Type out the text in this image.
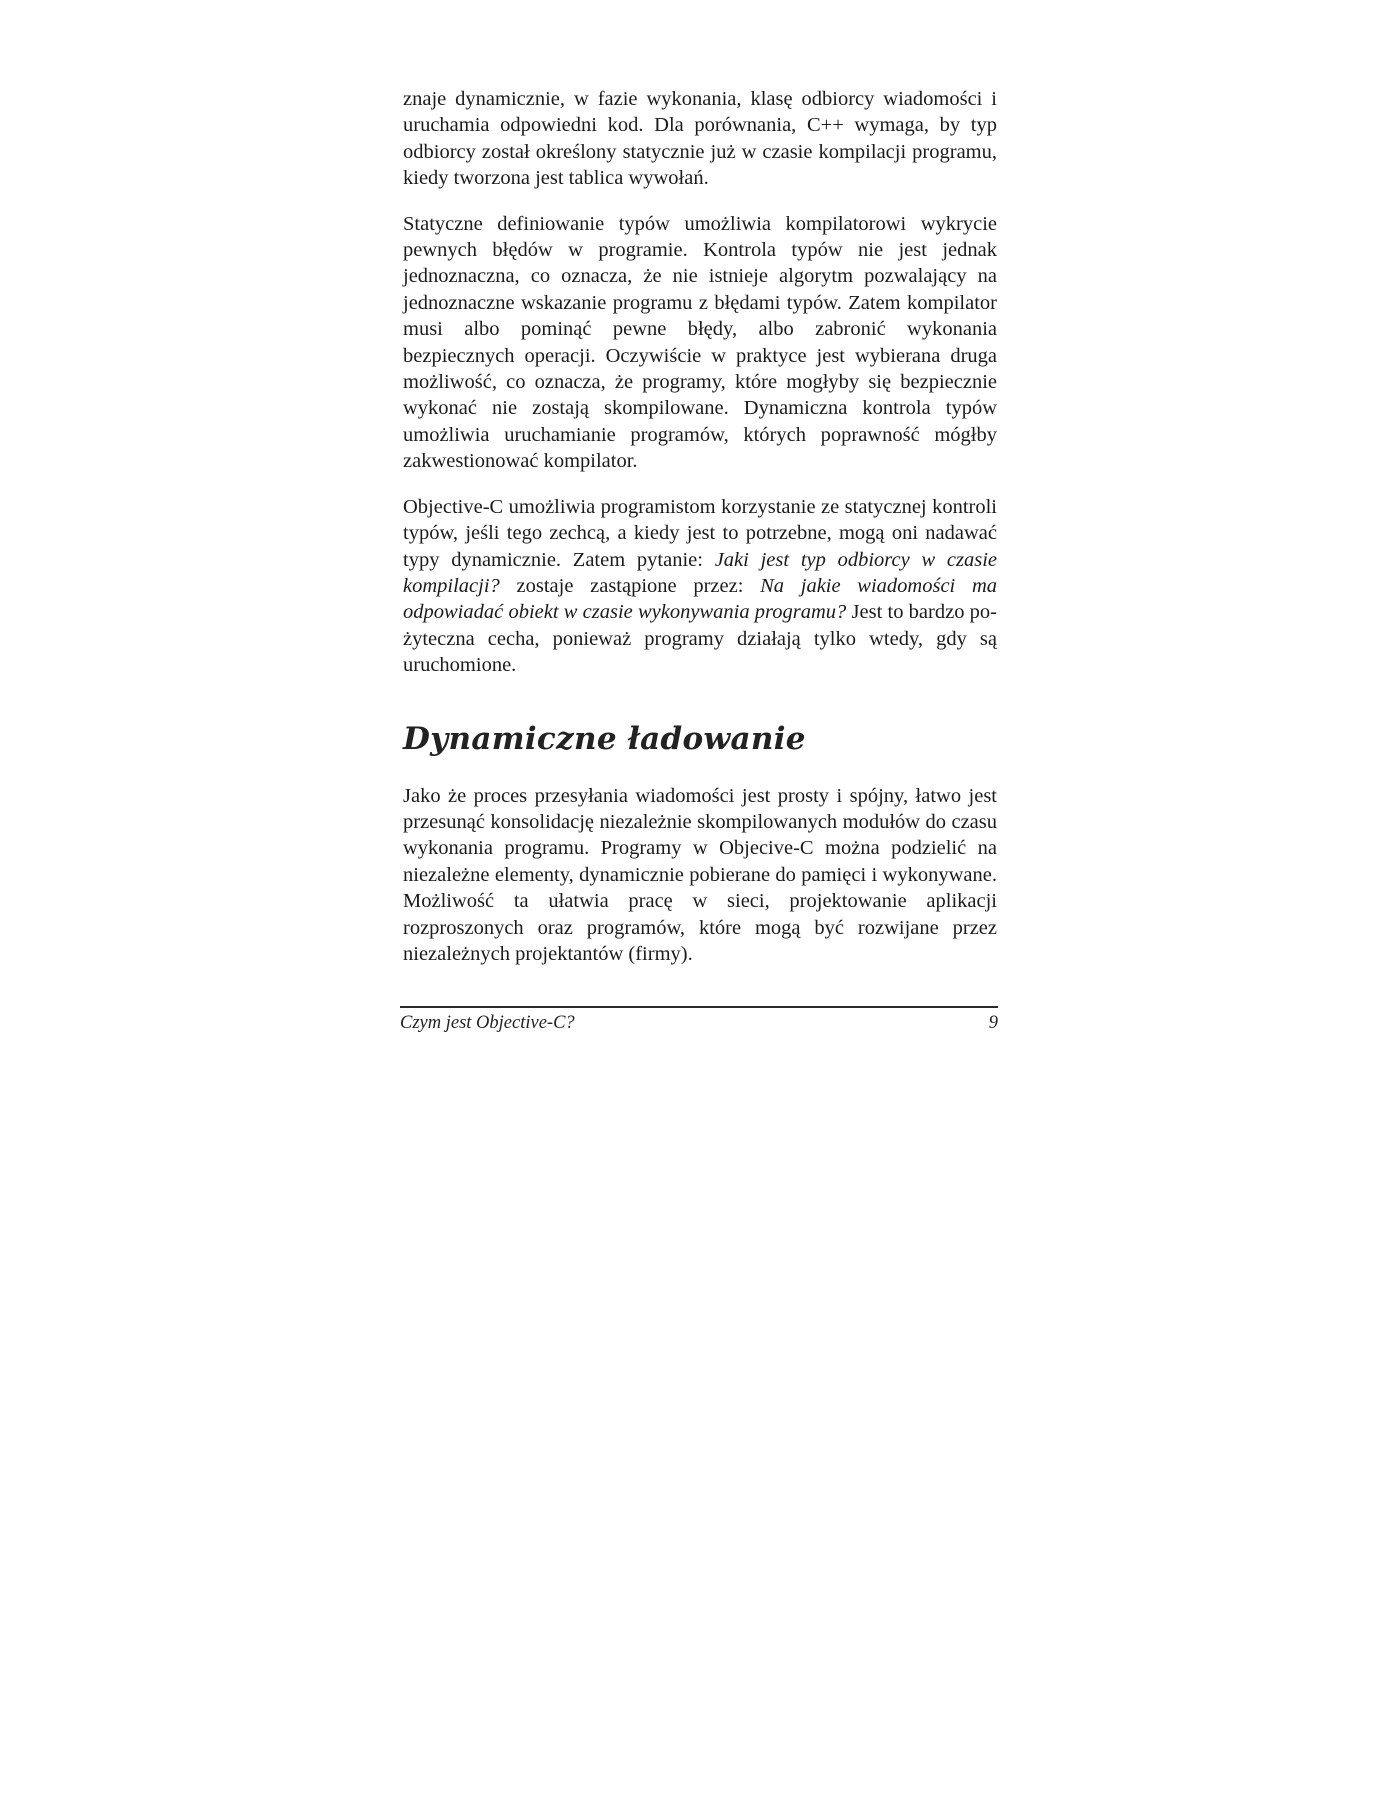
znaje dynamicznie, w fazie wykonania, klasę odbiorcy wiadomości i uruchamia odpowiedni kod. Dla porównania, C++ wymaga, by typ odbiorcy został określony statycznie już w czasie kompilacji programu, kiedy tworzona jest tablica wywołań.

Statyczne definiowanie typów umożliwia kompilatorowi wykrycie pewnych błędów w programie. Kontrola typów nie jest jednak jednoznaczna, co oznacza, że nie istnieje algorytm pozwalający na jednoznaczne wskazanie programu z błędami typów. Zatem kompilator musi albo pominąć pewne błędy, albo zabronić wykonania bezpiecznych operacji. Oczywiście w praktyce jest wybierana druga możliwość, co oznacza, że programy, które mogłyby się bezpiecznie wykonać nie zostają skompilowane. Dynamiczna kontrola typów umożliwia uruchamianie programów, których poprawność mógłby zakwestionować kompilator.

Objective-C umożliwia programistom korzystanie ze statycznej kontroli typów, jeśli tego zechcą, a kiedy jest to potrzebne, mogą oni nadawać typy dynamicznie. Zatem pytanie: Jaki jest typ odbiorcy w czasie kompilacji? zostaje zastąpione przez: Na jakie wiadomości ma odpowiadać obiekt w czasie wykonywania programu? Jest to bardzo pożyteczna cecha, ponieważ programy działają tylko wtedy, gdy są uruchomione.

Dynamiczne ładowanie

Jako że proces przesyłania wiadomości jest prosty i spójny, łatwo jest przesunąć konsolidację niezależnie skompilowanych modułów do czasu wykonania programu. Programy w Objecive-C można podzielić na niezależne elementy, dynamicznie pobierane do pamięci i wykonywane. Możliwość ta ułatwia pracę w sieci, projektowanie aplikacji rozproszonych oraz programów, które mogą być rozwijane przez niezależnych projektantów (firmy).

Czym jest Objective-C?	9
